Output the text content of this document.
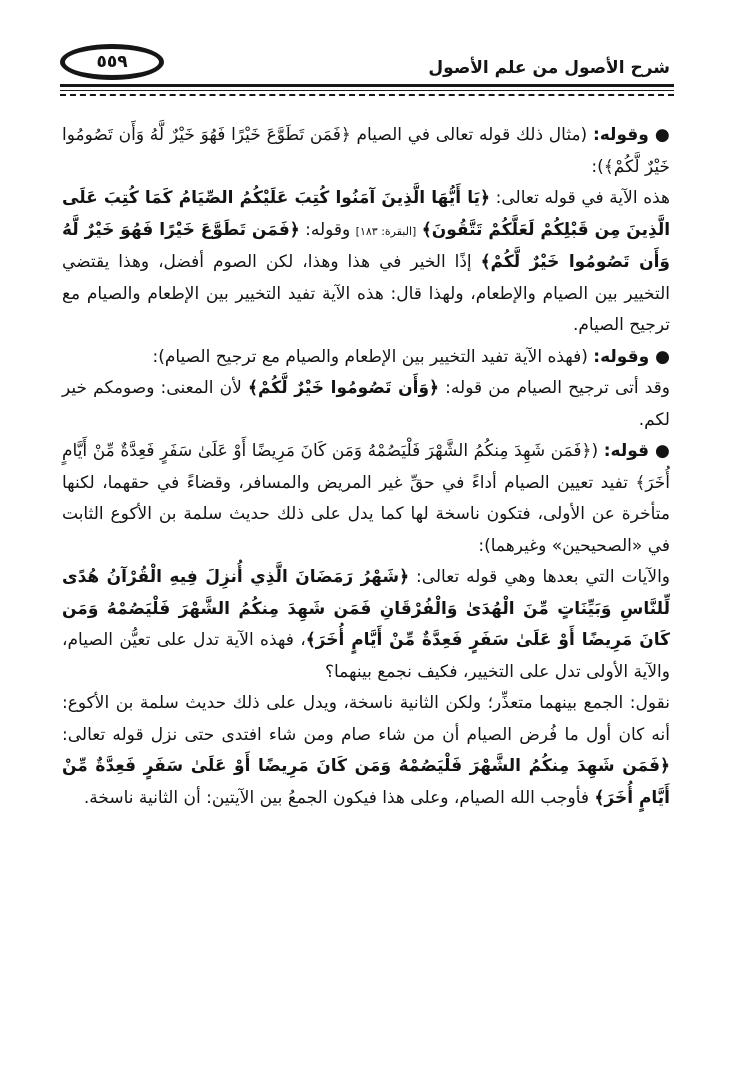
٥٥٩	شرح الأصول من علم الأصول

●وقوله: (مثال ذلك قوله تعالى في الصيام ﴿فَمَن تَطَوَّعَ خَيْرًا فَهُوَ خَيْرٌ لَّهُ وَأَن تَصُومُوا خَيْرٌ لَّكُمْ﴾):

هذه الآية في قوله تعالى: ﴿يَا أَيُّهَا الَّذِينَ آمَنُوا كُتِبَ عَلَيْكُمُ الصِّيَامُ كَمَا كُتِبَ عَلَى الَّذِينَ مِن قَبْلِكُمْ لَعَلَّكُمْ تَتَّقُونَ﴾ [البقرة: ١٨٣] وقوله: ﴿فَمَن تَطَوَّعَ خَيْرًا فَهُوَ خَيْرٌ لَّهُ وَأَن تَصُومُوا خَيْرٌ لَّكُمْ﴾ إذًا الخير في هذا وهذا، لكن الصوم أفضل، وهذا يقتضي التخيير بين الصيام والإطعام، ولهذا قال: هذه الآية تفيد التخيير بين الإطعام والصيام مع ترجيح الصيام.

●وقوله: (فهذه الآية تفيد التخيير بين الإطعام والصيام مع ترجيح الصيام):

وقد أتى ترجيح الصيام من قوله: ﴿وَأَن تَصُومُوا خَيْرٌ لَّكُمْ﴾ لأن المعنى: وصومكم خير لكم.

●قوله: (﴿فَمَن شَهِدَ مِنكُمُ الشَّهْرَ فَلْيَصُمْهُ وَمَن كَانَ مَرِيضًا أَوْ عَلَىٰ سَفَرٍ فَعِدَّةٌ مِّنْ أَيَّامٍ أُخَرَ﴾ تفيد تعيين الصيام أداءً في حقِّ غير المريض والمسافر، وقضاءً في حقهما، لكنها متأخرة عن الأولى، فتكون ناسخة لها كما يدل على ذلك حديث سلمة بن الأكوع الثابت في «الصحيحين» وغيرهما):

والآيات التي بعدها وهي قوله تعالى: ﴿شَهْرُ رَمَضَانَ الَّذِي أُنزِلَ فِيهِ الْقُرْآنُ هُدًى لِّلنَّاسِ وَبَيِّنَاتٍ مِّنَ الْهُدَىٰ وَالْفُرْقَانِ فَمَن شَهِدَ مِنكُمُ الشَّهْرَ فَلْيَصُمْهُ وَمَن كَانَ مَرِيضًا أَوْ عَلَىٰ سَفَرٍ فَعِدَّةٌ مِّنْ أَيَّامٍ أُخَرَ﴾، فهذه الآية تدل على تعيُّن الصيام، والآية الأولى تدل على التخيير، فكيف نجمع بينهما؟

نقول: الجمع بينهما متعذِّر؛ ولكن الثانية ناسخة، ويدل على ذلك حديث سلمة بن الأكوع: أنه كان أول ما فُرض الصيام أن من شاء صام ومن شاء افتدى حتى نزل قوله تعالى: ﴿فَمَن شَهِدَ مِنكُمُ الشَّهْرَ فَلْيَصُمْهُ وَمَن كَانَ مَرِيضًا أَوْ عَلَىٰ سَفَرٍ فَعِدَّةٌ مِّنْ أَيَّامٍ أُخَرَ﴾ فأوجب الله الصيام، وعلى هذا فيكون الجمعُ بين الآيتين: أن الثانية ناسخة.
